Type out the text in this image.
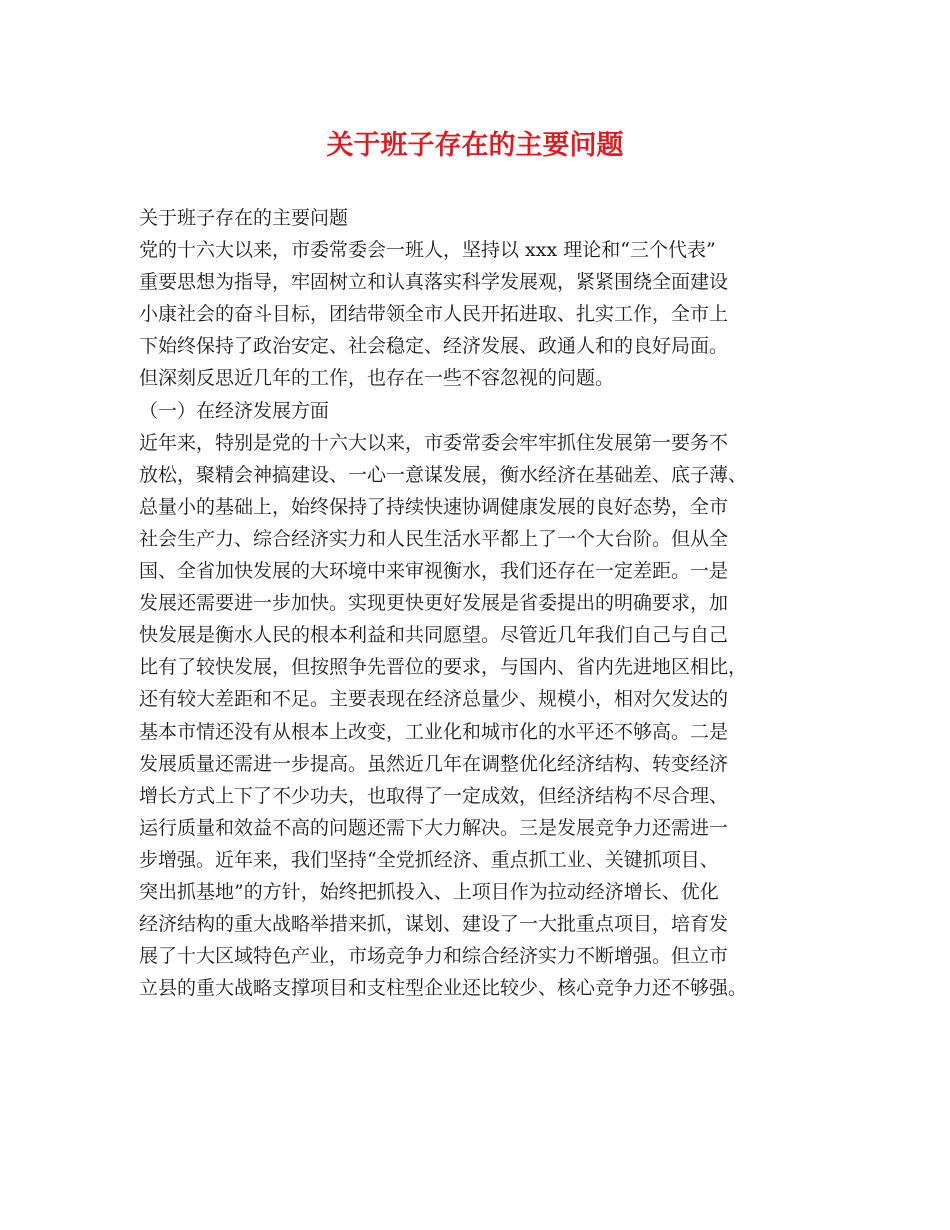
关于班子存在的主要问题
关于班子存在的主要问题
党的十六大以来，市委常委会一班人，坚持以 xxx 理论和“三个代表”
重要思想为指导，牢固树立和认真落实科学发展观，紧紧围绕全面建设
小康社会的奋斗目标，团结带领全市人民开拓进取、扎实工作，全市上
下始终保持了政治安定、社会稳定、经济发展、政通人和的良好局面。
但深刻反思近几年的工作，也存在一些不容忽视的问题。
（一）在经济发展方面
近年来，特别是党的十六大以来，市委常委会牢牢抓住发展第一要务不
放松，聚精会神搞建设、一心一意谋发展，衡水经济在基础差、底子薄、
总量小的基础上，始终保持了持续快速协调健康发展的良好态势，全市
社会生产力、综合经济实力和人民生活水平都上了一个大台阶。但从全
国、全省加快发展的大环境中来审视衡水，我们还存在一定差距。一是
发展还需要进一步加快。实现更快更好发展是省委提出的明确要求，加
快发展是衡水人民的根本利益和共同愿望。尽管近几年我们自己与自己
比有了较快发展，但按照争先晋位的要求，与国内、省内先进地区相比，
还有较大差距和不足。主要表现在经济总量少、规模小，相对欠发达的
基本市情还没有从根本上改变，工业化和城市化的水平还不够高。二是
发展质量还需进一步提高。虽然近几年在调整优化经济结构、转变经济
增长方式上下了不少功夫，也取得了一定成效，但经济结构不尽合理、
运行质量和效益不高的问题还需下大力解决。三是发展竞争力还需进一
步增强。近年来，我们坚持“全党抓经济、重点抓工业、关键抓项目、
突出抓基地”的方针，始终把抓投入、上项目作为拉动经济增长、优化
经济结构的重大战略举措来抓，谋划、建设了一大批重点项目，培育发
展了十大区域特色产业，市场竞争力和综合经济实力不断增强。但立市
立县的重大战略支撑项目和支柱型企业还比较少、核心竞争力还不够强。
